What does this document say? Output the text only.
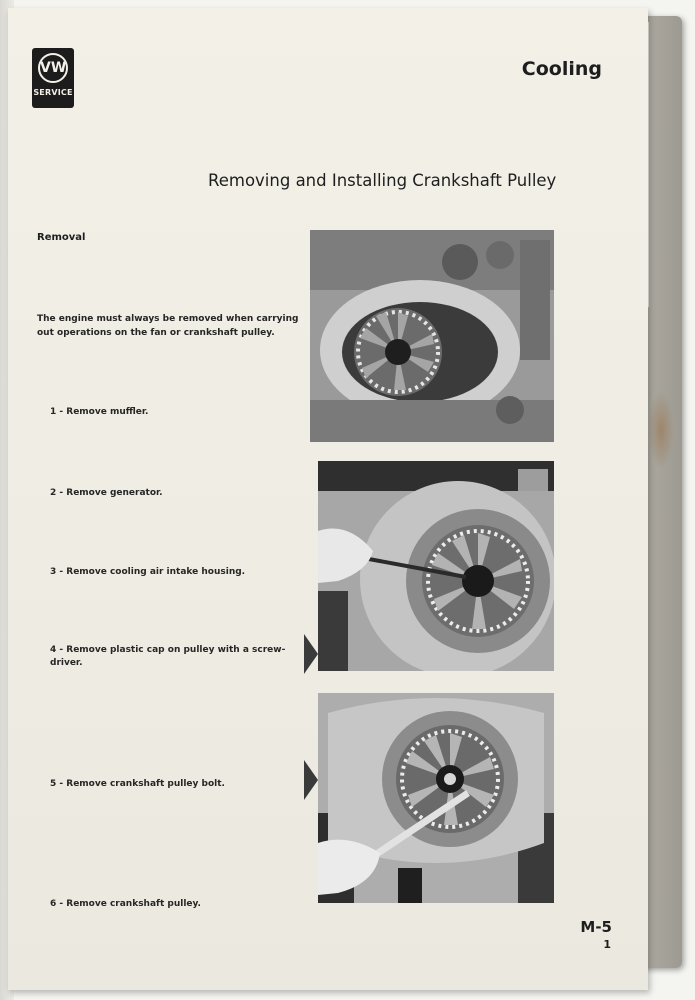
VW
SERVICE
Cooling
Removing and Installing Crankshaft Pulley
Removal
The engine must always be removed when carrying out operations on the fan or crankshaft pulley.
1 - Remove muffler.
2 - Remove generator.
3 - Remove cooling air intake housing.
4 - Remove plastic cap on pulley with a screw-driver.
5 - Remove crankshaft pulley bolt.
6 - Remove crankshaft pulley.
M-5
1
